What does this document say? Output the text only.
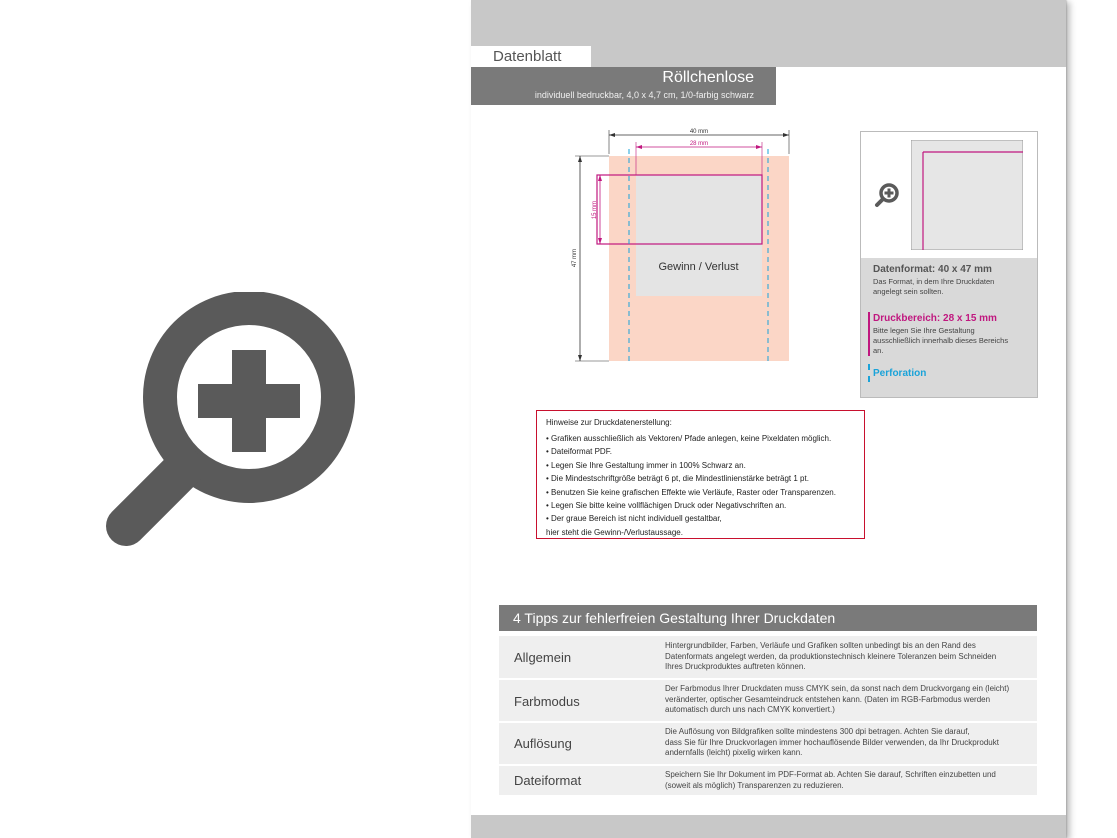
Datenblatt
Röllchenlose
individuell bedruckbar, 4,0 x 4,7 cm, 1/0-farbig schwarz
40 mm
28 mm
47 mm
15 mm
Gewinn / Verlust	Datenformat: 40 x 47 mm
Das Format, in dem Ihre Druckdaten
angelegt sein sollten.
Druckbereich: 28 x 15 mm
Bitte legen Sie Ihre Gestaltung
ausschließlich innerhalb dieses Bereichs
an.
Perforation
Hinweise zur Druckdatenerstellung:
• Grafiken ausschließlich als Vektoren/ Pfade anlegen, keine Pixeldaten möglich.
• Dateiformat PDF.
• Legen Sie Ihre Gestaltung immer in 100% Schwarz an.
• Die Mindestschriftgröße beträgt 6 pt, die Mindestlinienstärke beträgt 1 pt.
• Benutzen Sie keine grafischen Effekte wie Verläufe, Raster oder Transparenzen.
• Legen Sie bitte keine vollflächigen Druck oder Negativschriften an.
• Der graue Bereich ist nicht individuell gestaltbar,
hier steht die Gewinn-/Verlustaussage.
4 Tipps zur fehlerfreien Gestaltung Ihrer Druckdaten
Allgemein
Hintergrundbilder, Farben, Verläufe und Grafiken sollten unbedingt bis an den Rand des
Datenformats angelegt werden, da produktionstechnisch kleinere Toleranzen beim Schneiden
Ihres Druckproduktes auftreten können.
Farbmodus
Der Farbmodus Ihrer Druckdaten muss CMYK sein, da sonst nach dem Druckvorgang ein (leicht)
veränderter, optischer Gesamteindruck entstehen kann. (Daten im RGB-Farbmodus werden
automatisch durch uns nach CMYK konvertiert.)
Auflösung
Die Auflösung von Bildgrafiken sollte mindestens 300 dpi betragen. Achten Sie darauf,
dass Sie für Ihre Druckvorlagen immer hochauflösende Bilder verwenden, da Ihr Druckprodukt
andernfalls (leicht) pixelig wirken kann.
Dateiformat	Speichern Sie Ihr Dokument im PDF-Format ab. Achten Sie darauf, Schriften einzubetten und
(soweit als möglich) Transparenzen zu reduzieren.
